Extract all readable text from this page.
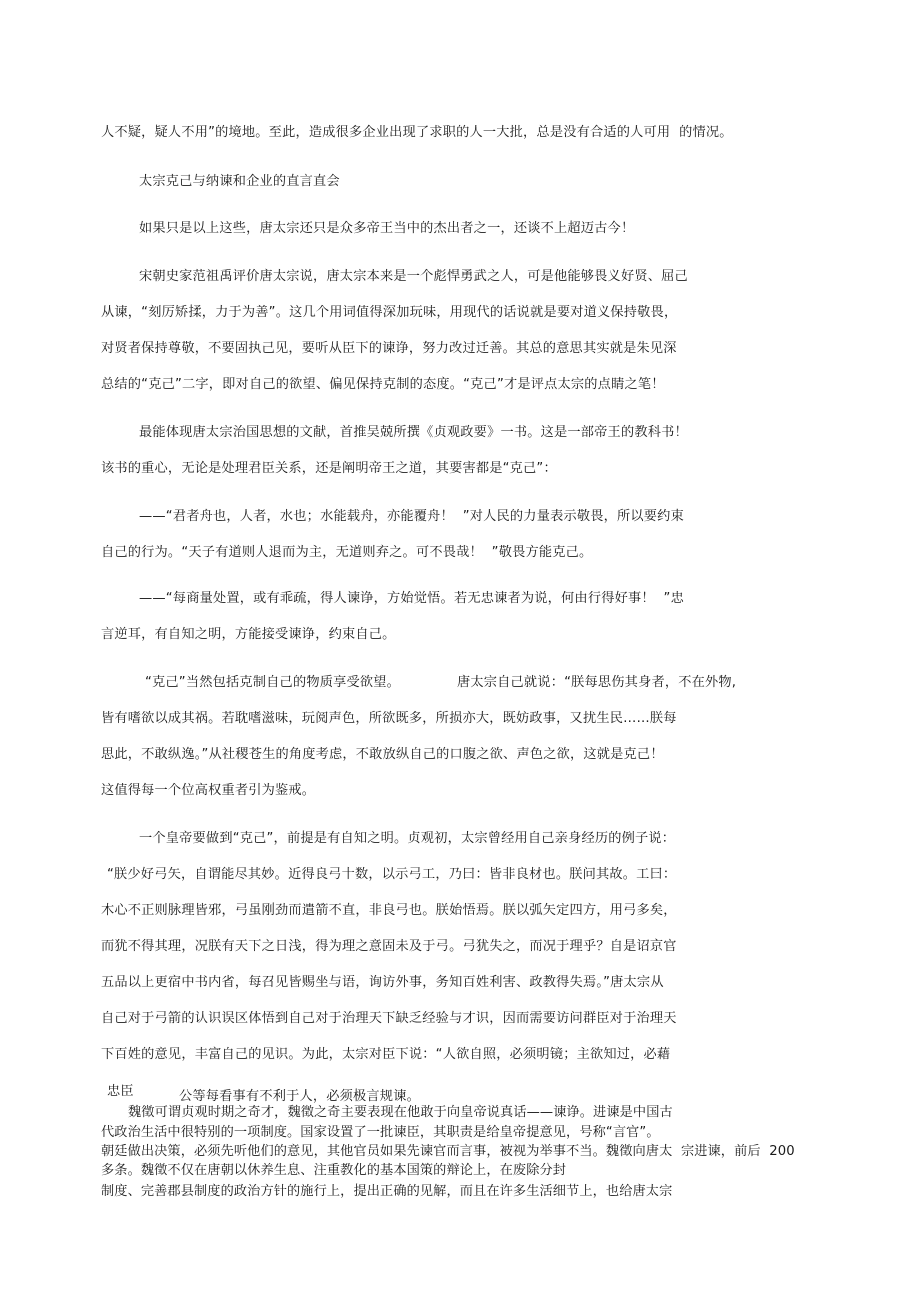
人不疑，疑人不用”的境地。至此，造成很多企业出现了求职的人一大批，总是没有合适的人可用  的情况。
太宗克己与纳谏和企业的直言直会
如果只是以上这些，唐太宗还只是众多帝王当中的杰出者之一，还谈不上超迈古今！
宋朝史家范祖禹评价唐太宗说，唐太宗本来是一个彪悍勇武之人，可是他能够畏义好贤、屈己
从谏，“刻厉矫揉，力于为善”。这几个用词值得深加玩味，用现代的话说就是要对道义保持敬畏，
对贤者保持尊敬，不要固执己见，要听从臣下的谏诤，努力改过迁善。其总的意思其实就是朱见深
总结的“克己”二字，即对自己的欲望、偏见保持克制的态度。“克己”才是评点太宗的点睛之笔！
最能体现唐太宗治国思想的文献，首推吴兢所撰《贞观政要》一书。这是一部帝王的教科书！
该书的重心，无论是处理君臣关系，还是阐明帝王之道，其要害都是“克己”：
——“君者舟也，人者，水也；水能载舟，亦能覆舟！  ”对人民的力量表示敬畏，所以要约束
自己的行为。“天子有道则人退而为主，无道则弃之。可不畏哉！  ”敬畏方能克己。
——“每商量处置，或有乖疏，得人谏诤，方始觉悟。若无忠谏者为说，何由行得好事！  ”忠
言逆耳，有自知之明，方能接受谏诤，约束自己。
“克己”当然包括克制自己的物质享受欲望。	唐太宗自己就说：“朕每思伤其身者，不在外物,
皆有嗜欲以成其祸。若耽嗜滋味，玩阅声色，所欲既多，所损亦大，既妨政事，又扰生民……朕每
思此，不敢纵逸。”从社稷苍生的角度考虑，不敢放纵自己的口腹之欲、声色之欲，这就是克己！
这值得每一个位高权重者引为鉴戒。
一个皇帝要做到“克己”，前提是有自知之明。贞观初，太宗曾经用自己亲身经历的例子说：
“朕少好弓矢，自谓能尽其妙。近得良弓十数，以示弓工，乃曰：皆非良材也。朕问其故。工曰：
木心不正则脉理皆邪，弓虽刚劲而遣箭不直，非良弓也。朕始悟焉。朕以弧矢定四方，用弓多矣，
而犹不得其理，况朕有天下之日浅，得为理之意固未及于弓。弓犹失之，而况于理乎？自是诏京官
五品以上更宿中书内省，每召见皆赐坐与语，询访外事，务知百姓利害、政教得失焉。”唐太宗从
自己对于弓箭的认识误区体悟到自己对于治理天下缺乏经验与才识，因而需要访问群臣对于治理天
下百姓的意见，丰富自己的见识。为此，太宗对臣下说：“人欲自照，必须明镜；主欲知过，必藉
忠臣	公等每看事有不利于人，必须极言规谏。
魏徵可谓贞观时期之奇才，魏徵之奇主要表现在他敢于向皇帝说真话——谏诤。进谏是中国古
代政治生活中很特别的一项制度。国家设置了一批谏臣，其职责是给皇帝提意见，号称“言官”。
朝廷做出决策，必须先听他们的意见，其他官员如果先谏官而言事，被视为举事不当。魏徵向唐太  宗进谏，前后  200
多条。魏徵不仅在唐朝以休养生息、注重教化的基本国策的辩论上，在废除分封
制度、完善郡县制度的政治方针的施行上，提出正确的见解，而且在许多生活细节上，也给唐太宗
